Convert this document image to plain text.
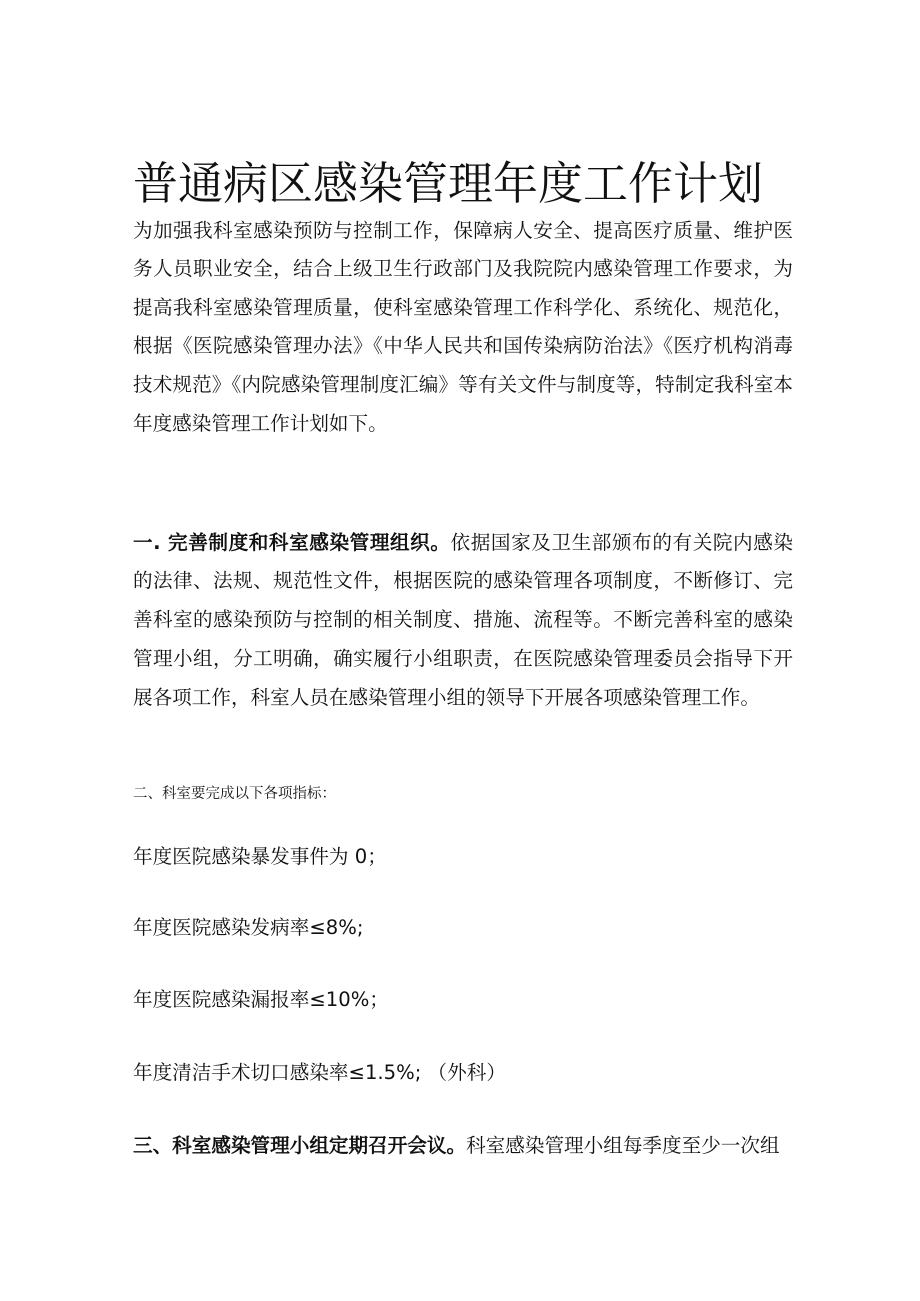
普通病区感染管理年度工作计划

为加强我科室感染预防与控制工作，保障病人安全、提高医疗质量、维护医务人员职业安全，结合上级卫生行政部门及我院院内感染管理工作要求，为提高我科室感染管理质量，使科室感染管理工作科学化、系统化、规范化，根据《医院感染管理办法》《中华人民共和国传染病防治法》《医疗机构消毒技术规范》《内院感染管理制度汇编》等有关文件与制度等，特制定我科室本年度感染管理工作计划如下。

一. 完善制度和科室感染管理组织。依据国家及卫生部颁布的有关院内感染的法律、法规、规范性文件，根据医院的感染管理各项制度，不断修订、完善科室的感染预防与控制的相关制度、措施、流程等。不断完善科室的感染管理小组，分工明确，确实履行小组职责，在医院感染管理委员会指导下开展各项工作，科室人员在感染管理小组的领导下开展各项感染管理工作。

二、科室要完成以下各项指标：
年度医院感染暴发事件为 0；
年度医院感染发病率≤8%;
年度医院感染漏报率≤10%；
年度清洁手术切口感染率≤1.5%; （外科）
三、科室感染管理小组定期召开会议。科室感染管理小组每季度至少一次组
